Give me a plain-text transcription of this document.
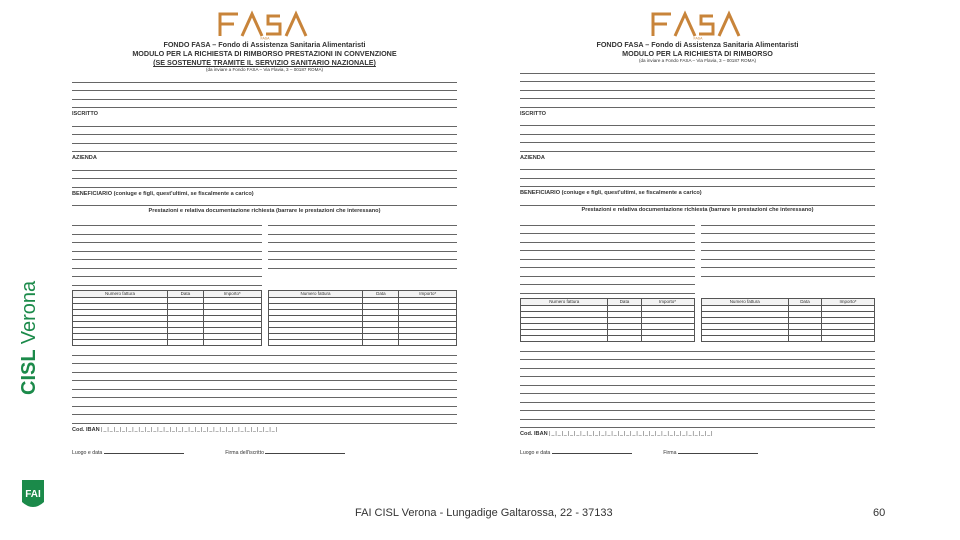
CISL Verona
FAI
FASA
FONDO FASA – Fondo di Assistenza Sanitaria Alimentaristi
MODULO PER LA RICHIESTA DI RIMBORSO PRESTAZIONI IN CONVENZIONE
(SE SOSTENUTE TRAMITE IL SERVIZIO SANITARIO NAZIONALE)
(da inviare a Fondo FASA – Via Flavia, 3 – 00187 ROMA)
ISCRITTO
AZIENDA
BENEFICIARIO (coniuge e figli, quest'ultimi, se fiscalmente a carico)
Prestazioni e relativa documentazione richiesta (barrare le prestazioni che interessano)
Numero fattura	Data	Importo*

			Numero fattura	Data	Importo*

Cod. IBAN |_|_|_|_|_|_|_|_|_|_|_|_|_|_|_|_|_|_|_|_|_|_|_|_|_|_|_|_|
Luogo e data	Firma dell'iscritto
FASA
FONDO FASA – Fondo di Assistenza Sanitaria Alimentaristi
MODULO PER LA RICHIESTA DI RIMBORSO
(da inviare a Fondo FASA – Via Flavia, 3 – 00187 ROMA)
ISCRITTO
AZIENDA
BENEFICIARIO (coniuge e figli, quest'ultimi, se fiscalmente a carico)
Prestazioni e relativa documentazione richiesta (barrare le prestazioni che interessano)
Numero fattura	Data	Importo*

			Numero fattura	Data	Importo*

Cod. IBAN |_|_|_|_|_|_|_|_|_|_|_|_|_|_|_|_|_|_|_|_|_|_|_|_|_|_|
Luogo e data	Firma
FAI CISL Verona - Lungadige Galtarossa, 22 - 37133	60
